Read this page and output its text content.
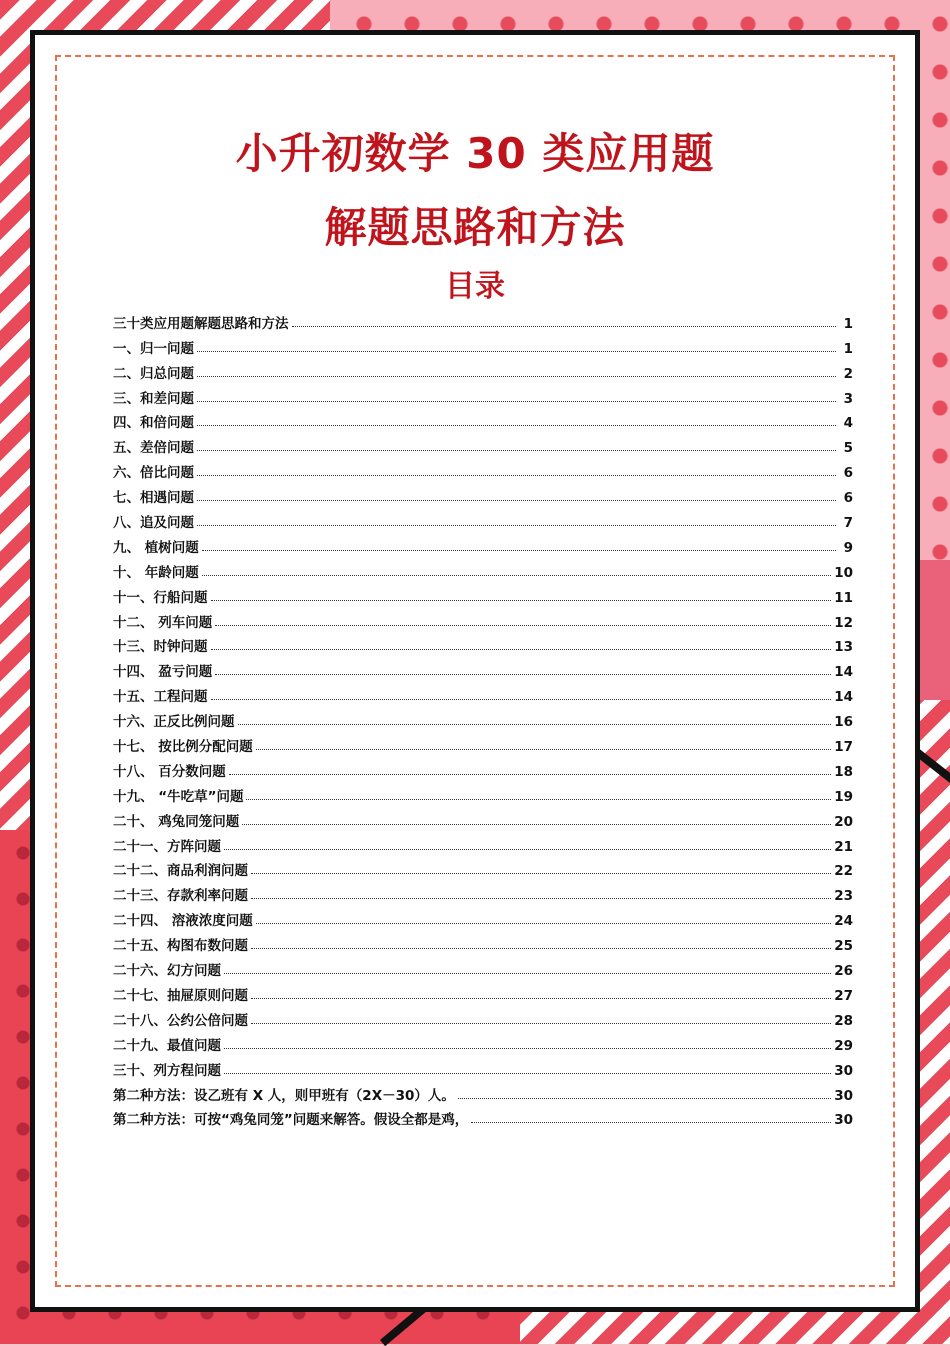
小升初数学 30 类应用题
解题思路和方法
目录
三十类应用题解题思路和方法	1
一、归一问题	1
二、归总问题	2
三、和差问题	3
四、和倍问题	4
五、差倍问题	5
六、倍比问题	6
七、相遇问题	6
八、追及问题	7
九、 植树问题	9
十、 年龄问题	10
十一、行船问题	11
十二、 列车问题	12
十三、时钟问题	13
十四、 盈亏问题	14
十五、工程问题	14
十六、正反比例问题	16
十七、 按比例分配问题	17
十八、 百分数问题	18
十九、 “牛吃草”问题	19
二十、 鸡兔同笼问题	20
二十一、方阵问题	21
二十二、商品利润问题	22
二十三、存款利率问题	23
二十四、 溶液浓度问题	24
二十五、构图布数问题	25
二十六、幻方问题	26
二十七、抽屉原则问题	27
二十八、公约公倍问题	28
二十九、最值问题	29
三十、列方程问题	30
第二种方法：设乙班有 X 人，则甲班有（2X－30）人。	30
第二种方法：可按“鸡兔同笼”问题来解答。假设全都是鸡，	30
